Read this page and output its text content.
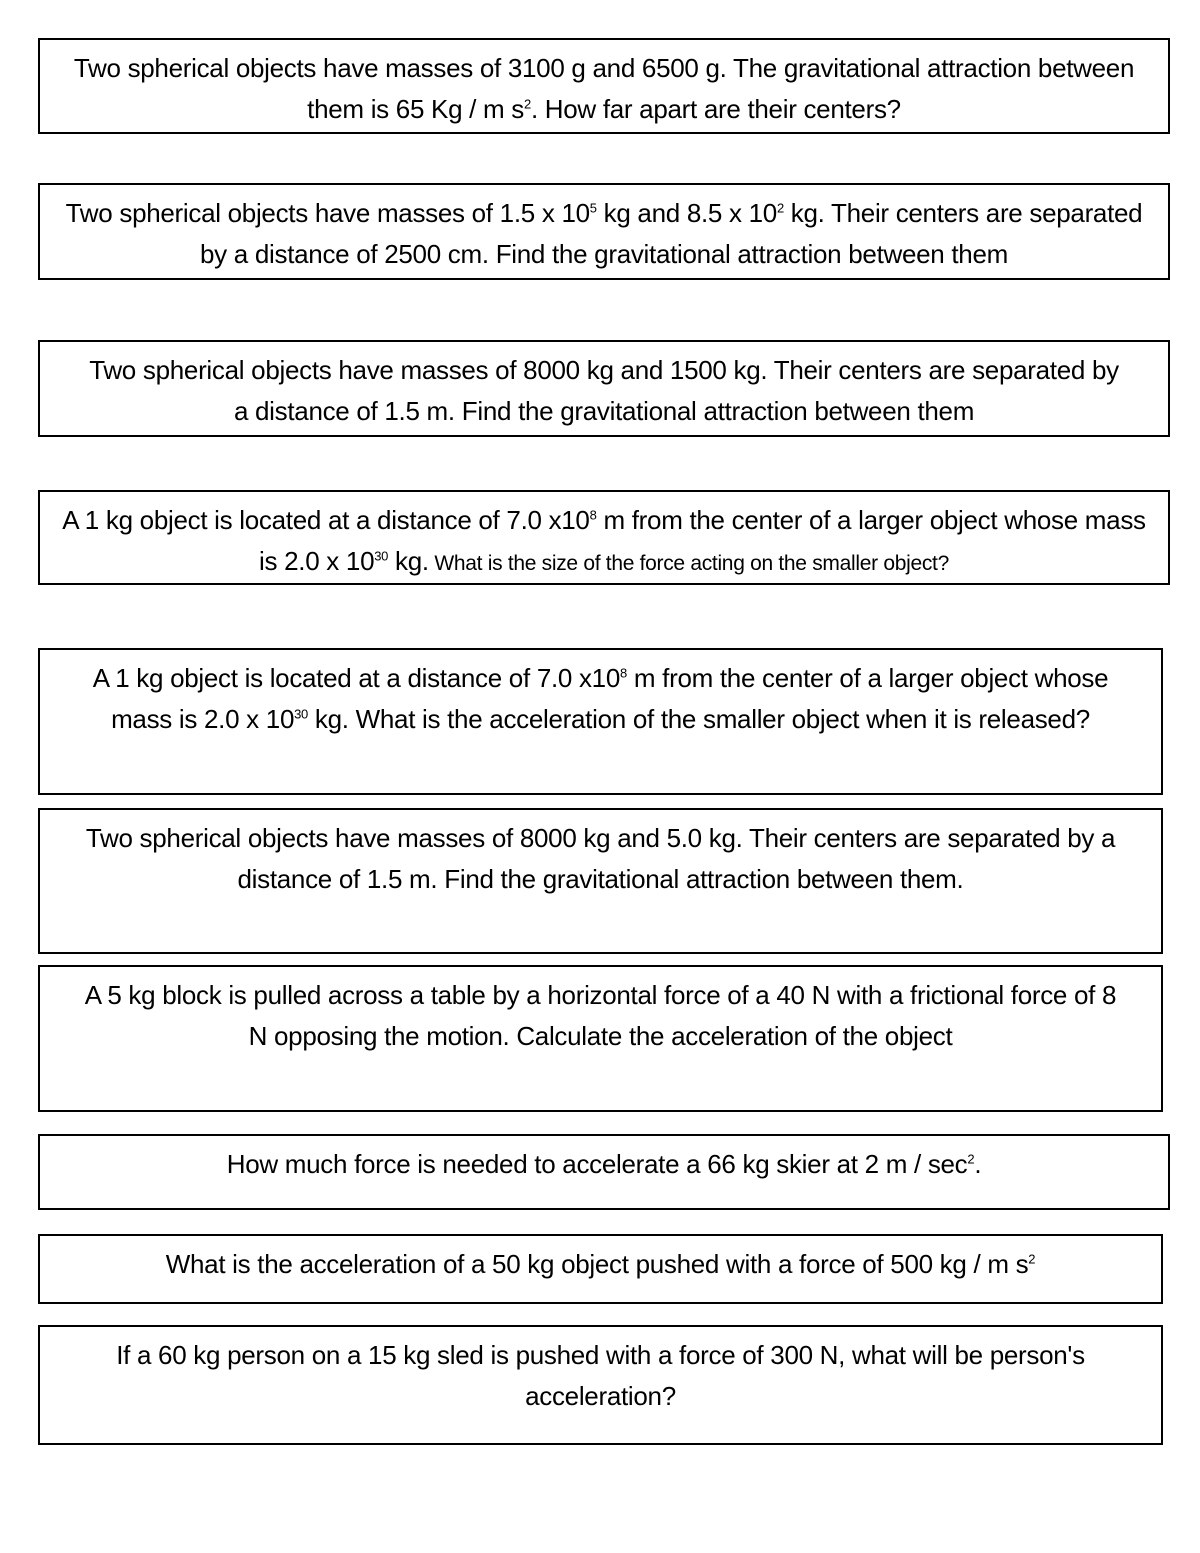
Two spherical objects have masses of 3100 g and 6500 g. The gravitational attraction between them is 65 Kg / m $s^2$. How far apart are their centers?

Two spherical objects have masses of 1.5 x $10^5$ kg and 8.5 x $10^2$ kg. Their centers are separated by a distance of 2500 cm. Find the gravitational attraction between them

Two spherical objects have masses of 8000 kg and 1500 kg. Their centers are separated by a distance of 1.5 m. Find the gravitational attraction between them

A 1 kg object is located at a distance of 7.0 $x10^8$ m from the center of a larger object whose mass is 2.0 x $10^{30}$ kg. What is the size of the force acting on the smaller object?

A 1 kg object is located at a distance of 7.0 $x10^8$ m from the center of a larger object whose mass is 2.0 x $10^{30}$ kg. What is the acceleration of the smaller object when it is released?

Two spherical objects have masses of 8000 kg and 5.0 kg. Their centers are separated by a distance of 1.5 m. Find the gravitational attraction between them.

A 5 kg block is pulled across a table by a horizontal force of a 40 N with a frictional force of 8 N opposing the motion. Calculate the acceleration of the object

How much force is needed to accelerate a 66 kg skier at 2 m / $\sec^2$.

What is the acceleration of a 50 kg object pushed with a force of 500 kg / m $s^2$

If a 60 kg person on a 15 kg sled is pushed with a force of 300 N, what will be person's acceleration?
